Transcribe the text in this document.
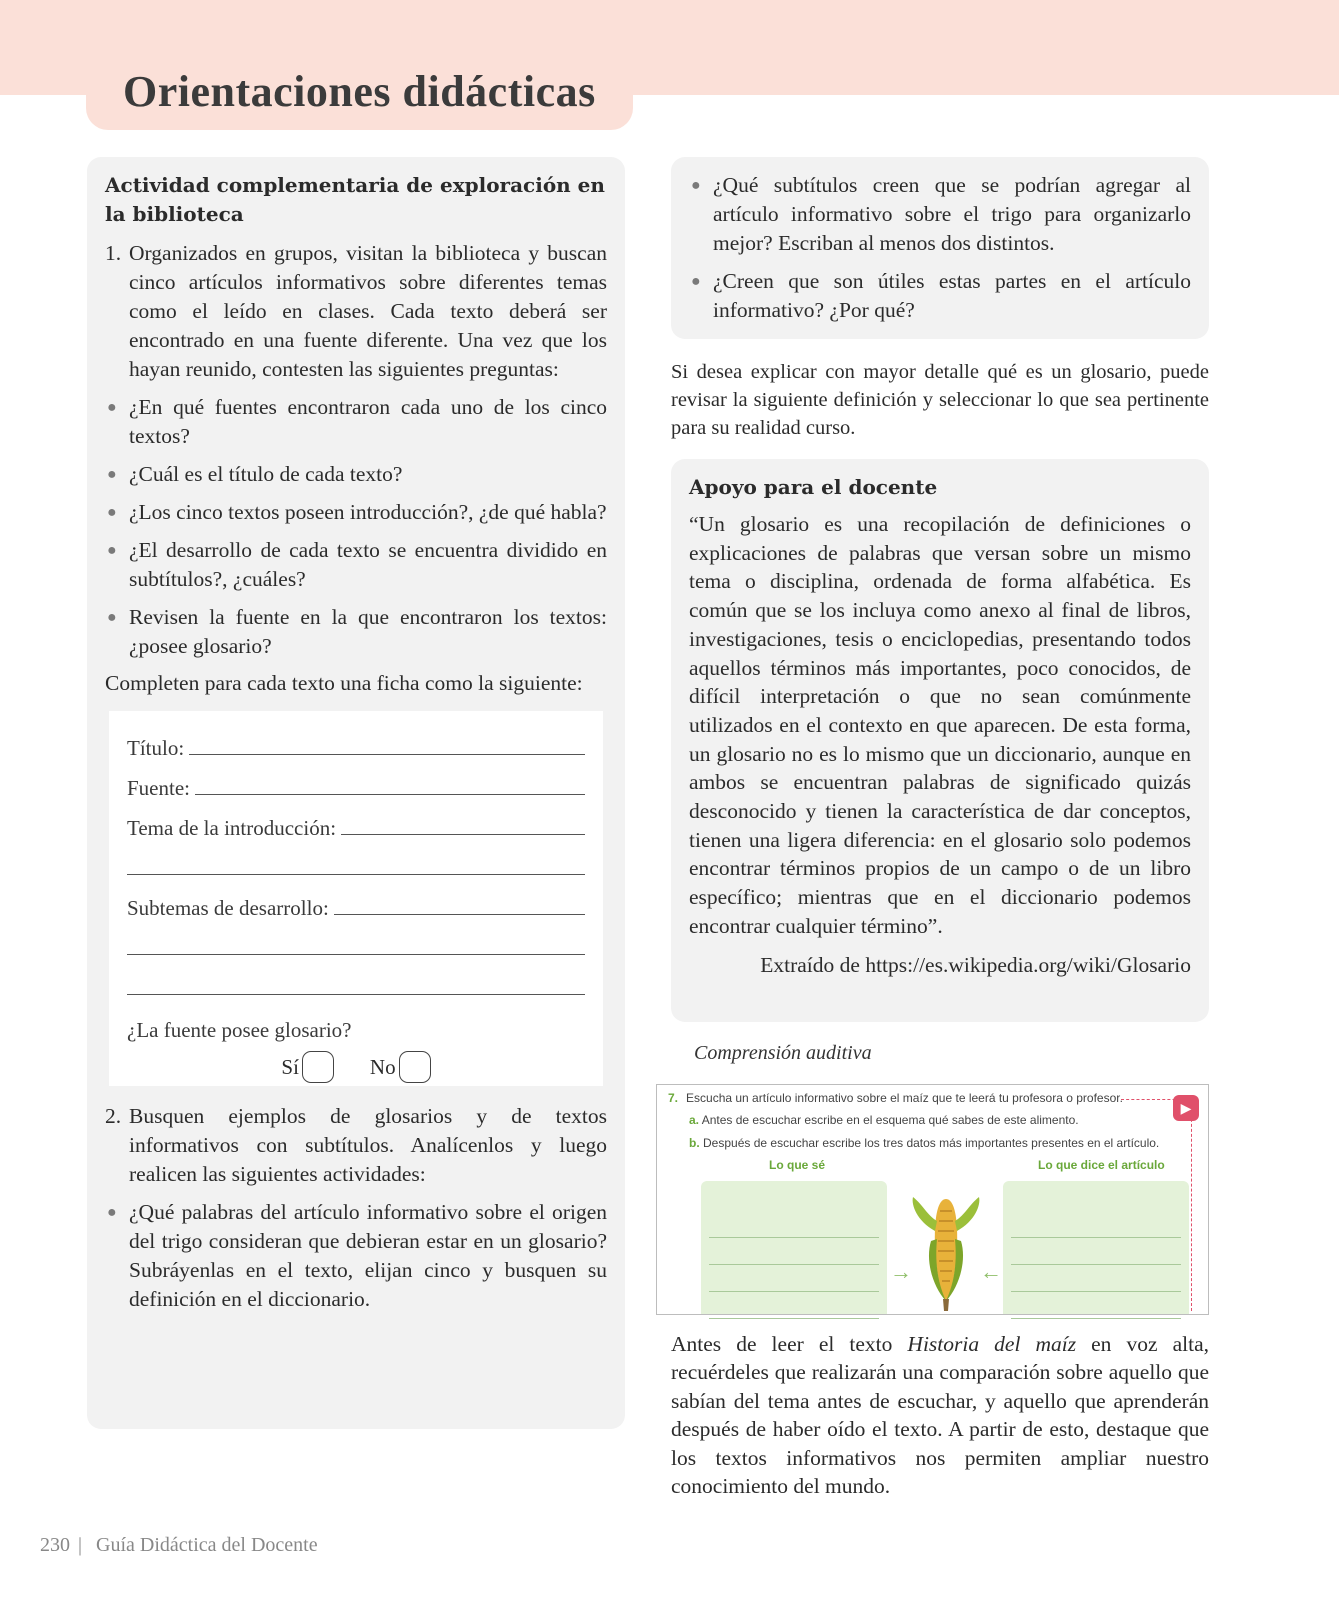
Orientaciones didácticas
Actividad complementaria de exploración en la biblioteca
1. Organizados en grupos, visitan la biblioteca y buscan cinco artículos informativos sobre diferentes temas como el leído en clases. Cada texto deberá ser encontrado en una fuente diferente. Una vez que los hayan reunido, contesten las siguientes preguntas:
● ¿En qué fuentes encontraron cada uno de los cinco textos?
● ¿Cuál es el título de cada texto?
● ¿Los cinco textos poseen introducción?, ¿de qué habla?
● ¿El desarrollo de cada texto se encuentra dividido en subtítulos?, ¿cuáles?
● Revisen la fuente en la que encontraron los textos: ¿posee glosario?
Completen para cada texto una ficha como la siguiente:
Título:
Fuente:
Tema de la introducción:
Subtemas de desarrollo:
¿La fuente posee glosario?
Sí	No
2. Busquen ejemplos de glosarios y de textos informativos con subtítulos. Analícenlos y luego realicen las siguientes actividades:
● ¿Qué palabras del artículo informativo sobre el origen del trigo consideran que debieran estar en un glosario? Subráyenlas en el texto, elijan cinco y busquen su definición en el diccionario.
● ¿Qué subtítulos creen que se podrían agregar al artículo informativo sobre el trigo para organizarlo mejor? Escriban al menos dos distintos.
● ¿Creen que son útiles estas partes en el artículo informativo? ¿Por qué?

Si desea explicar con mayor detalle qué es un glosario, puede revisar la siguiente definición y seleccionar lo que sea pertinente para su realidad curso.

Apoyo para el docente

“Un glosario es una recopilación de definiciones o explicaciones de palabras que versan sobre un mismo tema o disciplina, ordenada de forma alfabética. Es común que se los incluya como anexo al final de libros, investigaciones, tesis o enciclopedias, presentando todos aquellos términos más importantes, poco conocidos, de difícil interpretación o que no sean comúnmente utilizados en el contexto en que aparecen. De esta forma, un glosario no es lo mismo que un diccionario, aunque en ambos se encuentran palabras de significado quizás desconocido y tienen la característica de dar conceptos, tienen una ligera diferencia: en el glosario solo podemos encontrar términos propios de un campo o de un libro específico; mientras que en el diccionario podemos encontrar cualquier término”.

Extraído de https://es.wikipedia.org/wiki/Glosario

Comprensión auditiva
7. Escucha un artículo informativo sobre el maíz que te leerá tu profesora o profesor.
a. Antes de escuchar escribe en el esquema qué sabes de este alimento.
b. Después de escuchar escribe los tres datos más importantes presentes en el artículo.
▶
Lo que sé	Lo que dice el artículo
→	←

Antes de leer el texto Historia del maíz en voz alta, recuérdeles que realizarán una comparación sobre aquello que sabían del tema antes de escuchar, y aquello que aprenderán después de haber oído el texto. A partir de esto, destaque que los textos informativos nos permiten ampliar nuestro conocimiento del mundo.

230 | Guía Didáctica del Docente
